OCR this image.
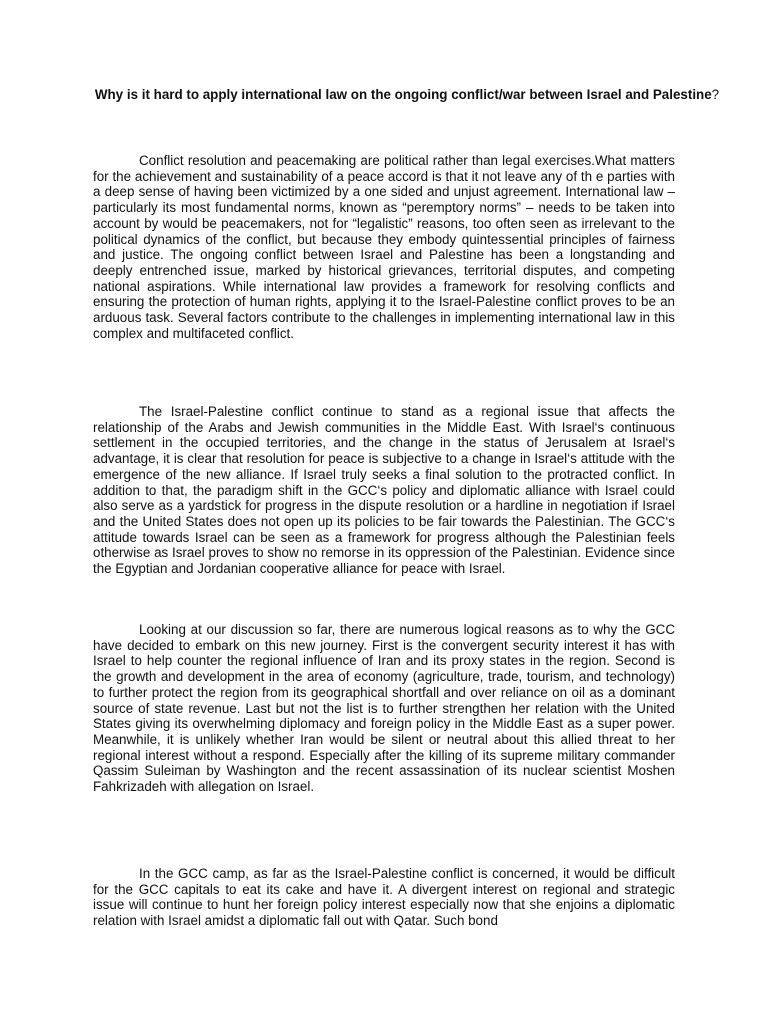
Why is it hard to apply international law on the ongoing conflict/war between Israel and Palestine?

Conflict resolution and peacemaking are political rather than legal exercises.What matters for the achievement and sustainability of a peace accord is that it not leave any of th e parties with a deep sense of having been victimized by a one sided and unjust agreement. International law – particularly its most fundamental norms, known as “peremptory norms” – needs to be taken into account by would be peacemakers, not for “legalistic” reasons, too often seen as irrelevant to the political dynamics of the conflict, but because they embody quintessential principles of fairness and justice. The ongoing conflict between Israel and Palestine has been a longstanding and deeply entrenched issue, marked by historical grievances, territorial disputes, and competing national aspirations. While international law provides a framework for resolving conflicts and ensuring the protection of human rights, applying it to the Israel-Palestine conflict proves to be an arduous task. Several factors contribute to the challenges in implementing international law in this complex and multifaceted conflict.

The Israel-Palestine conflict continue to stand as a regional issue that affects the relationship of the Arabs and Jewish communities in the Middle East. With Israel‘s continuous settlement in the occupied territories, and the change in the status of Jerusalem at Israel‘s advantage, it is clear that resolution for peace is subjective to a change in Israel‘s attitude with the emergence of the new alliance. If Israel truly seeks a final solution to the protracted conflict. In addition to that, the paradigm shift in the GCC‘s policy and diplomatic alliance with Israel could also serve as a yardstick for progress in the dispute resolution or a hardline in negotiation if Israel and the United States does not open up its policies to be fair towards the Palestinian. The GCC‘s attitude towards Israel can be seen as a framework for progress although the Palestinian feels otherwise as Israel proves to show no remorse in its oppression of the Palestinian. Evidence since the Egyptian and Jordanian cooperative alliance for peace with Israel.

Looking at our discussion so far, there are numerous logical reasons as to why the GCC have decided to embark on this new journey. First is the convergent security interest it has with Israel to help counter the regional influence of Iran and its proxy states in the region. Second is the growth and development in the area of economy (agriculture, trade, tourism, and technology) to further protect the region from its geographical shortfall and over reliance on oil as a dominant source of state revenue. Last but not the list is to further strengthen her relation with the United States giving its overwhelming diplomacy and foreign policy in the Middle East as a super power. Meanwhile, it is unlikely whether Iran would be silent or neutral about this allied threat to her regional interest without a respond. Especially after the killing of its supreme military commander Qassim Suleiman by Washington and the recent assassination of its nuclear scientist Moshen Fahkrizadeh with allegation on Israel.

In the GCC camp, as far as the Israel-Palestine conflict is concerned, it would be difficult for the GCC capitals to eat its cake and have it. A divergent interest on regional and strategic issue will continue to hunt her foreign policy interest especially now that she enjoins a diplomatic relation with Israel amidst a diplomatic fall out with Qatar. Such bond
